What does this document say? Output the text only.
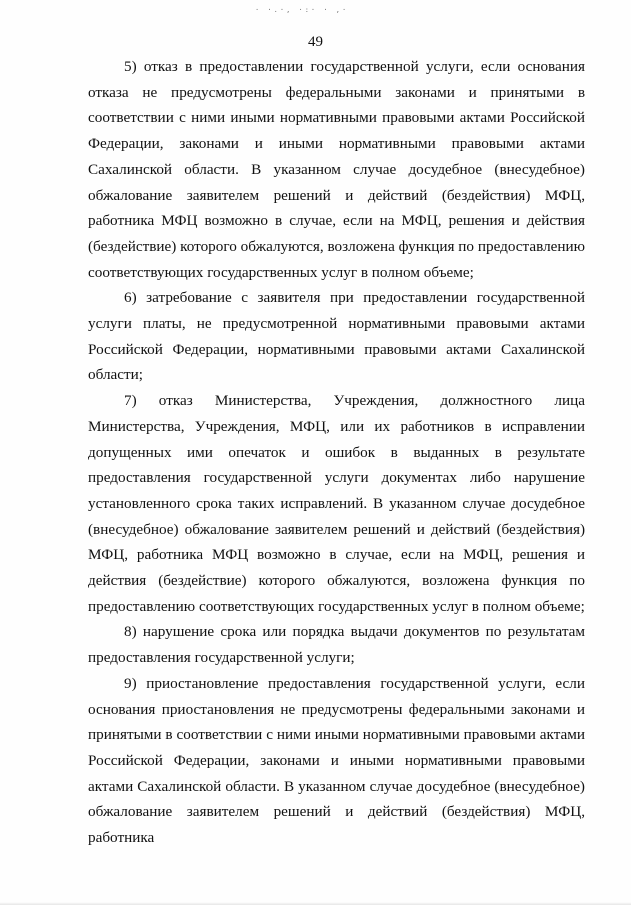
· ·.·, ·:· · ,·
49

5) отказ в предоставлении государственной услуги, если основания отказа не предусмотрены федеральными законами и принятыми в соответствии с ними иными нормативными правовыми актами Российской Федерации, законами и иными нормативными правовыми актами Сахалинской области. В указанном случае досудебное (внесудебное) обжалование заявителем решений и действий (бездействия) МФЦ, работника МФЦ возможно в случае, если на МФЦ, решения и действия (бездействие) которого обжалуются, возложена функция по предоставлению соответствующих государственных услуг в полном объеме;

6) затребование с заявителя при предоставлении государственной услуги платы, не предусмотренной нормативными правовыми актами Российской Федерации, нормативными правовыми актами Сахалинской области;

7) отказ Министерства, Учреждения, должностного лица Министерства, Учреждения, МФЦ, или их работников в исправлении допущенных ими опечаток и ошибок в выданных в результате предоставления государственной услуги документах либо нарушение установленного срока таких исправлений. В указанном случае досудебное (внесудебное) обжалование заявителем решений и действий (бездействия) МФЦ, работника МФЦ возможно в случае, если на МФЦ, решения и действия (бездействие) которого обжалуются, возложена функция по предоставлению соответствующих государственных услуг в полном объеме;

8) нарушение срока или порядка выдачи документов по результатам предоставления государственной услуги;

9) приостановление предоставления государственной услуги, если основания приостановления не предусмотрены федеральными законами и принятыми в соответствии с ними иными нормативными правовыми актами Российской Федерации, законами и иными нормативными правовыми актами Сахалинской области. В указанном случае досудебное (внесудебное) обжалование заявителем решений и действий (бездействия) МФЦ, работника
